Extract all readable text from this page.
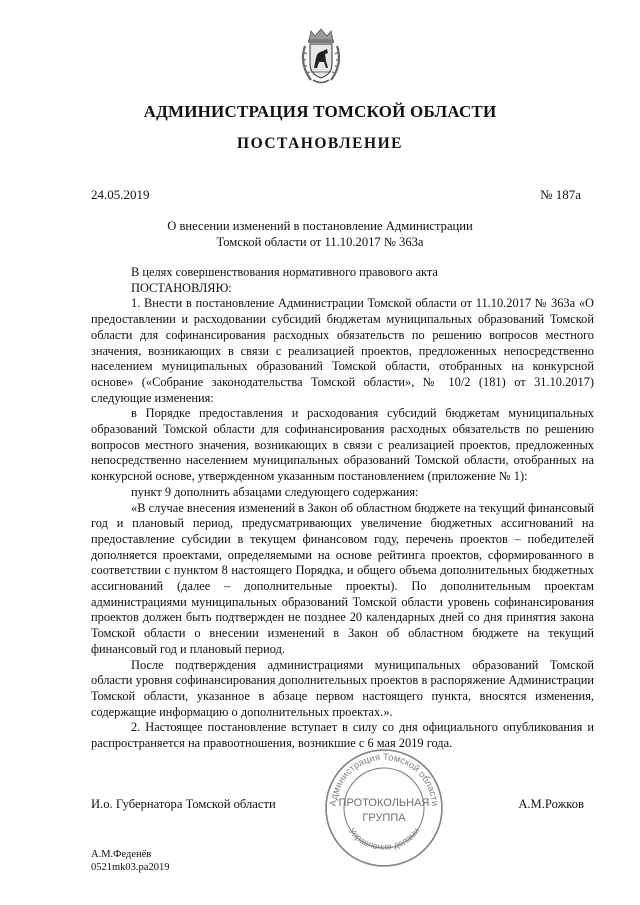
АДМИНИСТРАЦИЯ ТОМСКОЙ ОБЛАСТИ
ПОСТАНОВЛЕНИЕ
24.05.2019	№ 187а
О внесении изменений в постановление Администрации
Томской области от 11.10.2017 № 363а

В целях совершенствования нормативного правового акта

ПОСТАНОВЛЯЮ:

1. Внести в постановление Администрации Томской области от 11.10.2017 № 363а «О предоставлении и расходовании субсидий бюджетам муниципальных образований Томской области для софинансирования расходных обязательств по решению вопросов местного значения, возникающих в связи с реализацией проектов, предложенных непосредственно населением муниципальных образований Томской области, отобранных на конкурсной основе» («Собрание законодательства Томской области», № 10/2 (181) от 31.10.2017) следующие изменения:

в Порядке предоставления и расходования субсидий бюджетам муниципальных образований Томской области для софинансирования расходных обязательств по решению вопросов местного значения, возникающих в связи с реализацией проектов, предложенных непосредственно населением муниципальных образований Томской области, отобранных на конкурсной основе, утвержденном указанным постановлением (приложение № 1):

пункт 9 дополнить абзацами следующего содержания:

«В случае внесения изменений в Закон об областном бюджете на текущий финансовый год и плановый период, предусматривающих увеличение бюджетных ассигнований на предоставление субсидии в текущем финансовом году, перечень проектов – победителей дополняется проектами, определяемыми на основе рейтинга проектов, сформированного в соответствии с пунктом 8 настоящего Порядка, и общего объема дополнительных бюджетных ассигнований (далее – дополнительные проекты). По дополнительным проектам администрациями муниципальных образований Томской области уровень софинансирования проектов должен быть подтвержден не позднее 20 календарных дней со дня принятия закона Томской области о внесении изменений в Закон об областном бюджете на текущий финансовый год и плановый период.

После подтверждения администрациями муниципальных образований Томской области уровня софинансирования дополнительных проектов в распоряжение Администрации Томской области, указанное в абзаце первом настоящего пункта, вносятся изменения, содержащие информацию о дополнительных проектах.».

2. Настоящее постановление вступает в силу со дня официального опубликования и распространяется на правоотношения, возникшие с 6 мая 2019 года.

И.о. Губернатора Томской области	А.М.Рожков
Администрация Томской области
Управление делами
ПРОТОКОЛЬНАЯ
ГРУППА
А.М.Феденёв
0521mk03.pa2019
